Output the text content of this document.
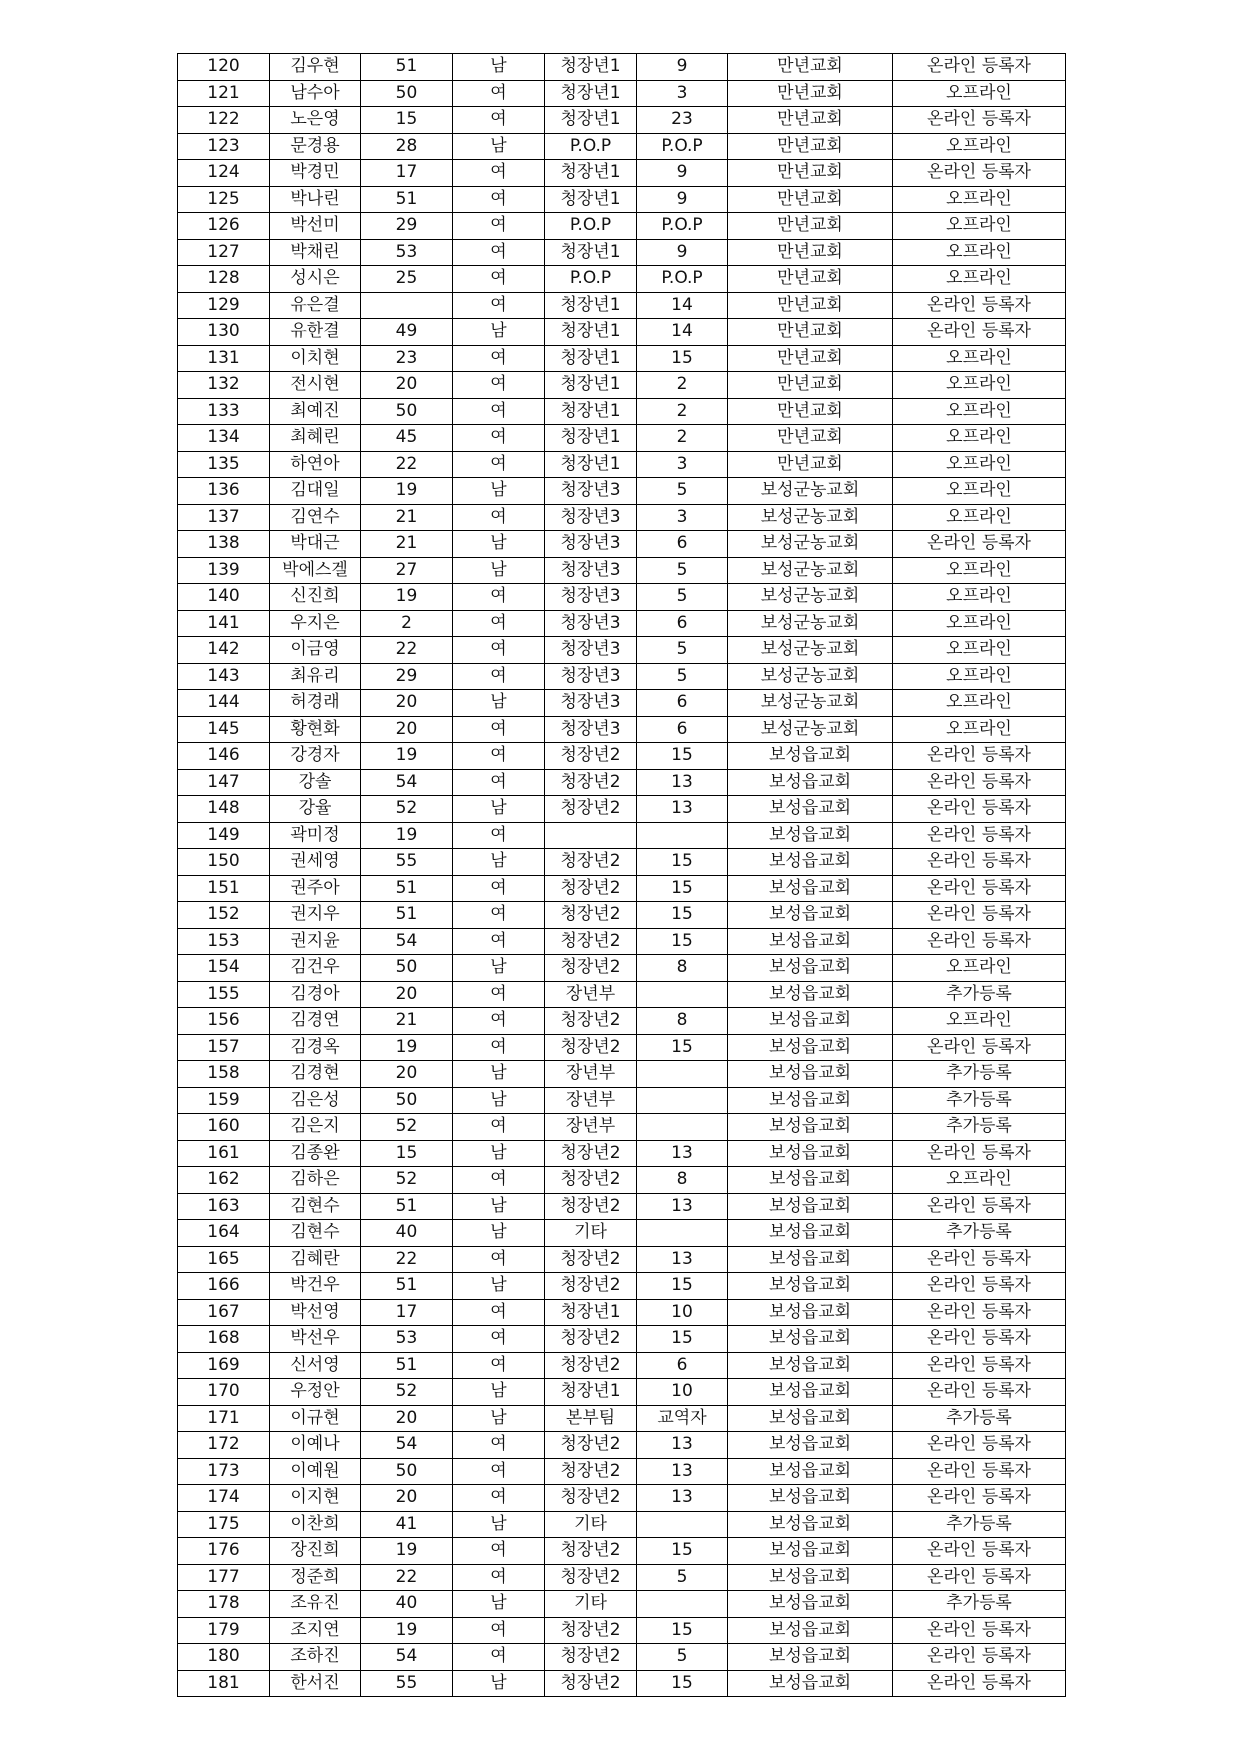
120	김우현	51	남	청장년1	9	만년교회	온라인 등록자
121	남수아	50	여	청장년1	3	만년교회	오프라인
122	노은영	15	여	청장년1	23	만년교회	온라인 등록자
123	문경용	28	남	P.O.P	P.O.P	만년교회	오프라인
124	박경민	17	여	청장년1	9	만년교회	온라인 등록자
125	박나린	51	여	청장년1	9	만년교회	오프라인
126	박선미	29	여	P.O.P	P.O.P	만년교회	오프라인
127	박채린	53	여	청장년1	9	만년교회	오프라인
128	성시은	25	여	P.O.P	P.O.P	만년교회	오프라인
129	유은결		여	청장년1	14	만년교회	온라인 등록자
130	유한결	49	남	청장년1	14	만년교회	온라인 등록자
131	이치현	23	여	청장년1	15	만년교회	오프라인
132	전시현	20	여	청장년1	2	만년교회	오프라인
133	최예진	50	여	청장년1	2	만년교회	오프라인
134	최혜린	45	여	청장년1	2	만년교회	오프라인
135	하연아	22	여	청장년1	3	만년교회	오프라인
136	김대일	19	남	청장년3	5	보성군농교회	오프라인
137	김연수	21	여	청장년3	3	보성군농교회	오프라인
138	박대근	21	남	청장년3	6	보성군농교회	온라인 등록자
139	박에스겔	27	남	청장년3	5	보성군농교회	오프라인
140	신진희	19	여	청장년3	5	보성군농교회	오프라인
141	우지은	2	여	청장년3	6	보성군농교회	오프라인
142	이금영	22	여	청장년3	5	보성군농교회	오프라인
143	최유리	29	여	청장년3	5	보성군농교회	오프라인
144	허경래	20	남	청장년3	6	보성군농교회	오프라인
145	황현화	20	여	청장년3	6	보성군농교회	오프라인
146	강경자	19	여	청장년2	15	보성읍교회	온라인 등록자
147	강솔	54	여	청장년2	13	보성읍교회	온라인 등록자
148	강율	52	남	청장년2	13	보성읍교회	온라인 등록자
149	곽미정	19	여			보성읍교회	온라인 등록자
150	권세영	55	남	청장년2	15	보성읍교회	온라인 등록자
151	권주아	51	여	청장년2	15	보성읍교회	온라인 등록자
152	권지우	51	여	청장년2	15	보성읍교회	온라인 등록자
153	권지윤	54	여	청장년2	15	보성읍교회	온라인 등록자
154	김건우	50	남	청장년2	8	보성읍교회	오프라인
155	김경아	20	여	장년부		보성읍교회	추가등록
156	김경연	21	여	청장년2	8	보성읍교회	오프라인
157	김경옥	19	여	청장년2	15	보성읍교회	온라인 등록자
158	김경현	20	남	장년부		보성읍교회	추가등록
159	김은성	50	남	장년부		보성읍교회	추가등록
160	김은지	52	여	장년부		보성읍교회	추가등록
161	김종완	15	남	청장년2	13	보성읍교회	온라인 등록자
162	김하은	52	여	청장년2	8	보성읍교회	오프라인
163	김현수	51	남	청장년2	13	보성읍교회	온라인 등록자
164	김현수	40	남	기타		보성읍교회	추가등록
165	김혜란	22	여	청장년2	13	보성읍교회	온라인 등록자
166	박건우	51	남	청장년2	15	보성읍교회	온라인 등록자
167	박선영	17	여	청장년1	10	보성읍교회	온라인 등록자
168	박선우	53	여	청장년2	15	보성읍교회	온라인 등록자
169	신서영	51	여	청장년2	6	보성읍교회	온라인 등록자
170	우정안	52	남	청장년1	10	보성읍교회	온라인 등록자
171	이규현	20	남	본부팀	교역자	보성읍교회	추가등록
172	이예나	54	여	청장년2	13	보성읍교회	온라인 등록자
173	이예원	50	여	청장년2	13	보성읍교회	온라인 등록자
174	이지현	20	여	청장년2	13	보성읍교회	온라인 등록자
175	이찬희	41	남	기타		보성읍교회	추가등록
176	장진희	19	여	청장년2	15	보성읍교회	온라인 등록자
177	정준희	22	여	청장년2	5	보성읍교회	온라인 등록자
178	조유진	40	남	기타		보성읍교회	추가등록
179	조지연	19	여	청장년2	15	보성읍교회	온라인 등록자
180	조하진	54	여	청장년2	5	보성읍교회	온라인 등록자
181	한서진	55	남	청장년2	15	보성읍교회	온라인 등록자
